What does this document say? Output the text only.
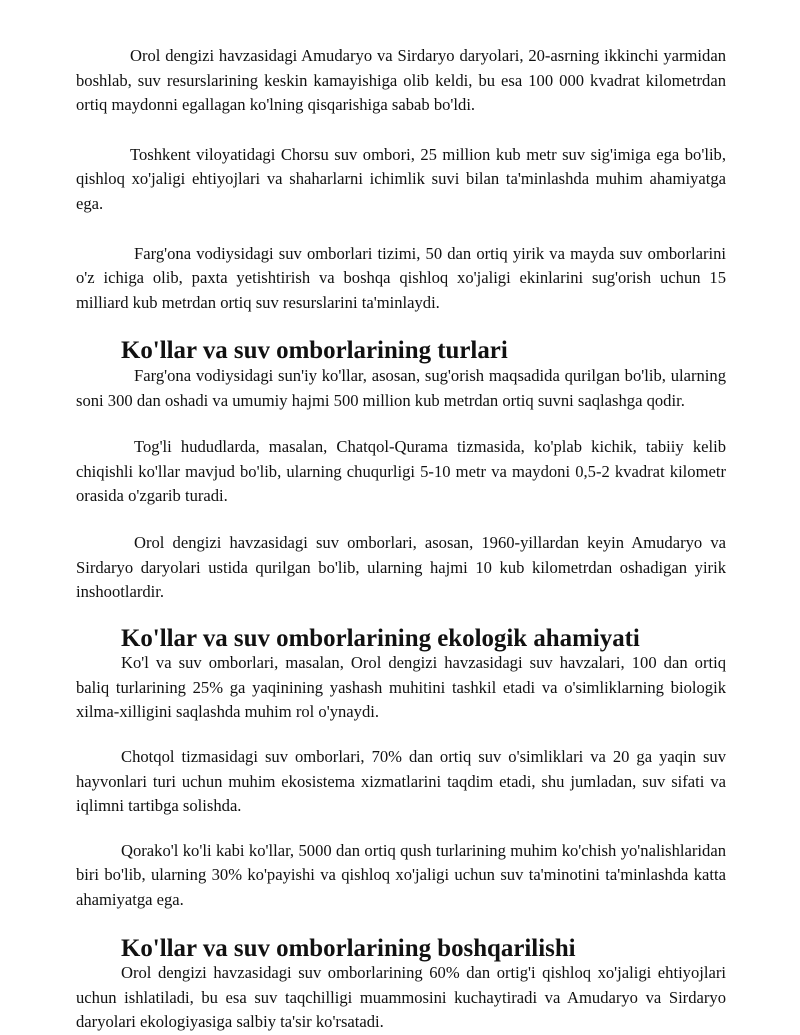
Orol dengizi havzasidagi Amudaryo va Sirdaryo daryolari, 20-asrning ikkinchi yarmidan boshlab, suv resurslarining keskin kamayishiga olib keldi, bu esa 100 000 kvadrat kilometrdan ortiq maydonni egallagan ko'lning qisqarishiga sabab bo'ldi.

Toshkent viloyatidagi Chorsu suv ombori, 25 million kub metr suv sig'imiga ega bo'lib, qishloq xo'jaligi ehtiyojlari va shaharlarni ichimlik suvi bilan ta'minlashda muhim ahamiyatga ega.

Farg'ona vodiysidagi suv omborlari tizimi, 50 dan ortiq yirik va mayda suv omborlarini o'z ichiga olib, paxta yetishtirish va boshqa qishloq xo'jaligi ekinlarini sug'orish uchun 15 milliard kub metrdan ortiq suv resurslarini ta'minlaydi.

Ko'llar va suv omborlarining turlari

Farg'ona vodiysidagi sun'iy ko'llar, asosan, sug'orish maqsadida qurilgan bo'lib, ularning soni 300 dan oshadi va umumiy hajmi 500 million kub metrdan ortiq suvni saqlashga qodir.

Tog'li hududlarda, masalan, Chatqol-Qurama tizmasida, ko'plab kichik, tabiiy kelib chiqishli ko'llar mavjud bo'lib, ularning chuqurligi 5-10 metr va maydoni 0,5-2 kvadrat kilometr orasida o'zgarib turadi.

Orol dengizi havzasidagi suv omborlari, asosan, 1960-yillardan keyin Amudaryo va Sirdaryo daryolari ustida qurilgan bo'lib, ularning hajmi 10 kub kilometrdan oshadigan yirik inshootlardir.

Ko'llar va suv omborlarining ekologik ahamiyati

Ko'l va suv omborlari, masalan, Orol dengizi havzasidagi suv havzalari, 100 dan ortiq baliq turlarining 25% ga yaqinining yashash muhitini tashkil etadi va o'simliklarning biologik xilma-xilligini saqlashda muhim rol o'ynaydi.

Chotqol tizmasidagi suv omborlari, 70% dan ortiq suv o'simliklari va 20 ga yaqin suv hayvonlari turi uchun muhim ekosistema xizmatlarini taqdim etadi, shu jumladan, suv sifati va iqlimni tartibga solishda.

Qorako'l ko'li kabi ko'llar, 5000 dan ortiq qush turlarining muhim ko'chish yo'nalishlaridan biri bo'lib, ularning 30% ko'payishi va qishloq xo'jaligi uchun suv ta'minotini ta'minlashda katta ahamiyatga ega.

Ko'llar va suv omborlarining boshqarilishi

Orol dengizi havzasidagi suv omborlarining 60% dan ortig'i qishloq xo'jaligi ehtiyojlari uchun ishlatiladi, bu esa suv taqchilligi muammosini kuchaytiradi va Amudaryo va Sirdaryo daryolari ekologiyasiga salbiy ta'sir ko'rsatadi.
